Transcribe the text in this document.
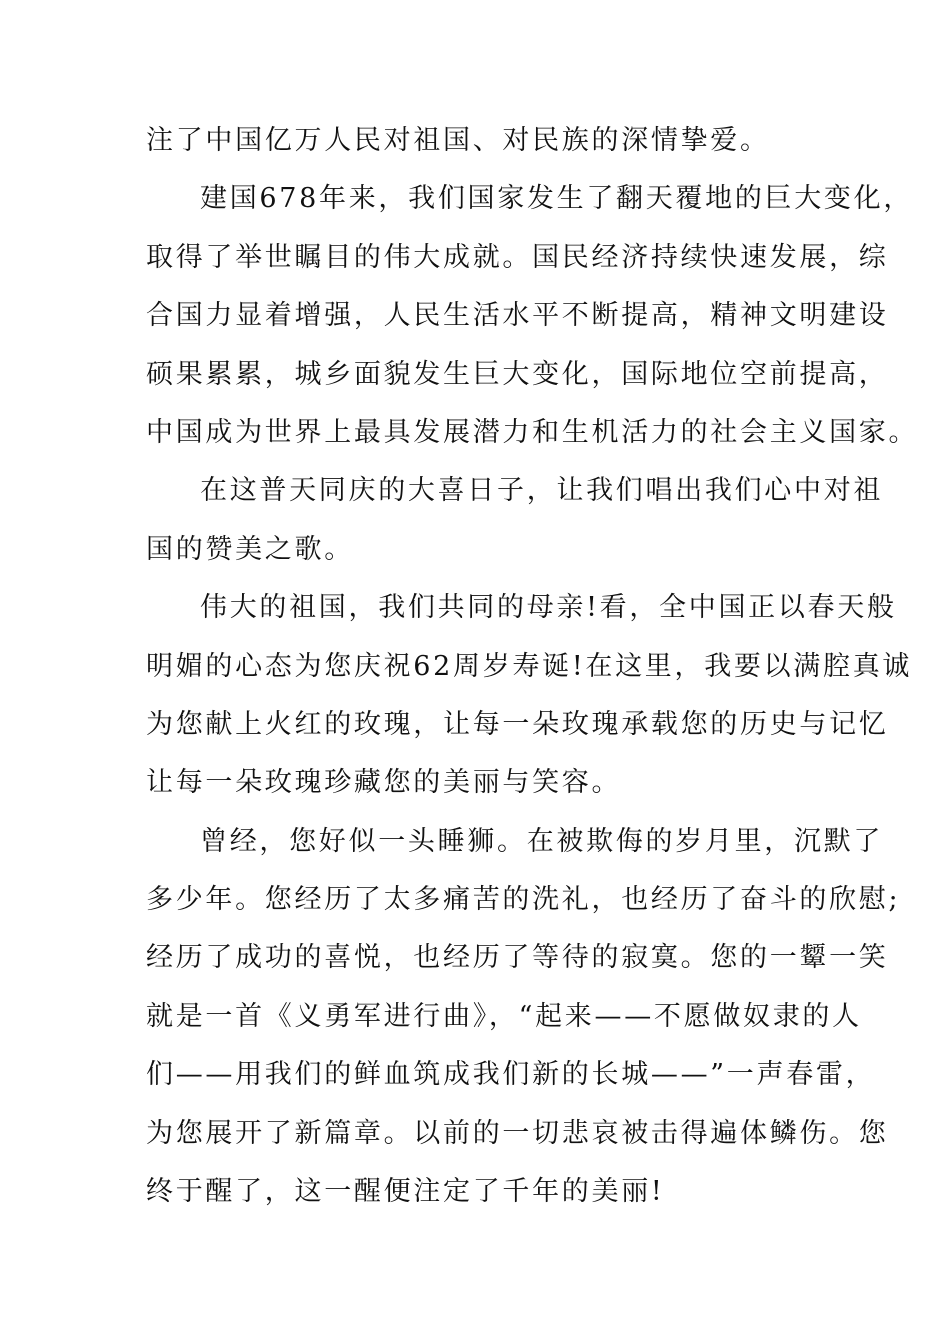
注了中国亿万人民对祖国、对民族的深情挚爱。
建国678年来，我们国家发生了翻天覆地的巨大变化，
取得了举世瞩目的伟大成就。国民经济持续快速发展，综
合国力显着增强，人民生活水平不断提高，精神文明建设
硕果累累，城乡面貌发生巨大变化，国际地位空前提高，
中国成为世界上最具发展潜力和生机活力的社会主义国家。
在这普天同庆的大喜日子，让我们唱出我们心中对祖
国的赞美之歌。
伟大的祖国，我们共同的母亲!看，全中国正以春天般
明媚的心态为您庆祝62周岁寿诞!在这里，我要以满腔真诚
为您献上火红的玫瑰，让每一朵玫瑰承载您的历史与记忆
让每一朵玫瑰珍藏您的美丽与笑容。
曾经，您好似一头睡狮。在被欺侮的岁月里，沉默了
多少年。您经历了太多痛苦的洗礼，也经历了奋斗的欣慰;
经历了成功的喜悦，也经历了等待的寂寞。您的一颦一笑
就是一首《义勇军进行曲》，“起来——不愿做奴隶的人
们——用我们的鲜血筑成我们新的长城——”一声春雷，
为您展开了新篇章。以前的一切悲哀被击得遍体鳞伤。您
终于醒了，这一醒便注定了千年的美丽!
